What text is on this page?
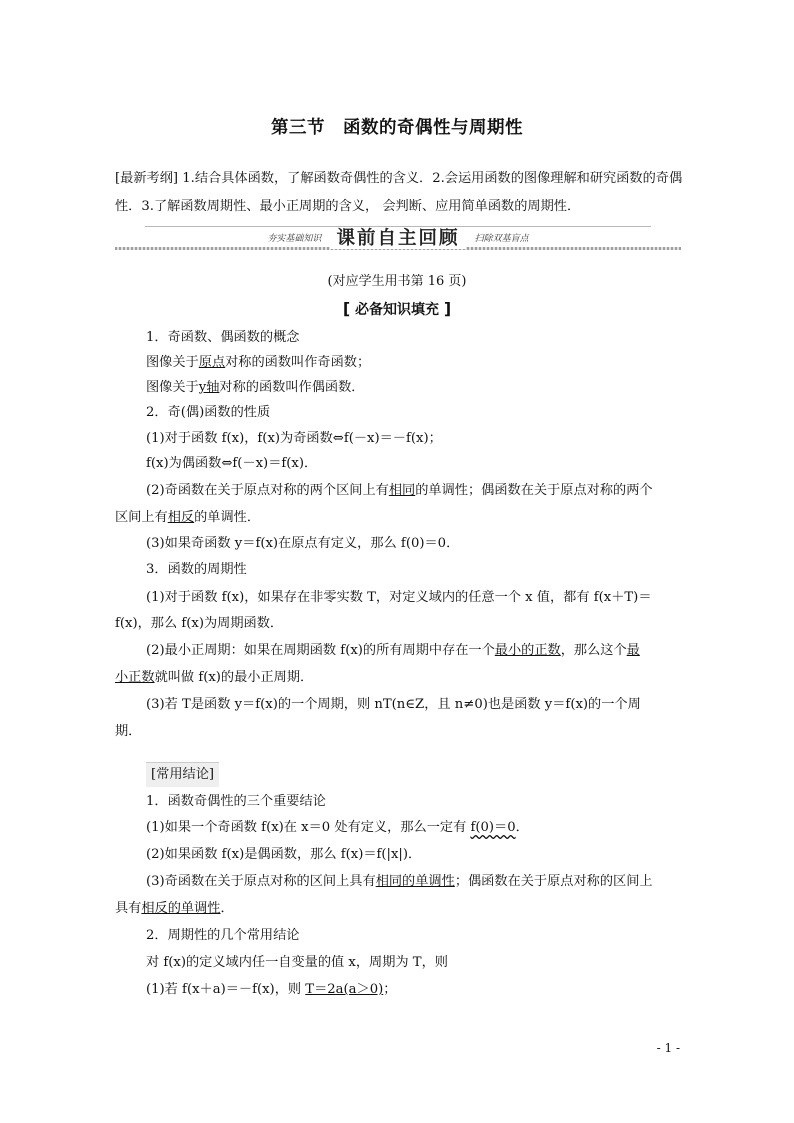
第三节　函数的奇偶性与周期性
[最新考纲] 1.结合具体函数，了解函数奇偶性的含义．2.会运用函数的图像理解和研究函数的奇偶性．3.了解函数周期性、最小正周期的含义， 会判断、应用简单函数的周期性．
夯实基础知识 课前自主回顾 扫除双基盲点
(对应学生用书第 16 页)
[ 必备知识填充 ]
1．奇函数、偶函数的概念
图像关于原点对称的函数叫作奇函数；
图像关于y轴对称的函数叫作偶函数．
2．奇(偶)函数的性质
(1)对于函数 f(x)，f(x)为奇函数⇔f(－x)＝－f(x)；
f(x)为偶函数⇔f(－x)＝f(x)．
(2)奇函数在关于原点对称的两个区间上有相同的单调性；偶函数在关于原点对称的两个
区间上有相反的单调性．
(3)如果奇函数 y＝f(x)在原点有定义，那么 f(0)＝0．
3．函数的周期性
(1)对于函数 f(x)，如果存在非零实数 T，对定义域内的任意一个 x 值，都有 f(x＋T)＝
f(x)，那么 f(x)为周期函数．
(2)最小正周期：如果在周期函数 f(x)的所有周期中存在一个最小的正数，那么这个最
小正数就叫做 f(x)的最小正周期．
(3)若 T是函数 y＝f(x)的一个周期，则 nT(n∈Z，且 n≠0)也是函数 y＝f(x)的一个周
期．
[常用结论]
1．函数奇偶性的三个重要结论
(1)如果一个奇函数 f(x)在 x＝0 处有定义，那么一定有 f(0)＝0．
(2)如果函数 f(x)是偶函数，那么 f(x)＝f(|x|)．
(3)奇函数在关于原点对称的区间上具有相同的单调性；偶函数在关于原点对称的区间上
具有相反的单调性．
2．周期性的几个常用结论
对 f(x)的定义域内任一自变量的值 x，周期为 T，则
(1)若 f(x＋a)＝－f(x)，则 T＝2a(a＞0)；
- 1 -
